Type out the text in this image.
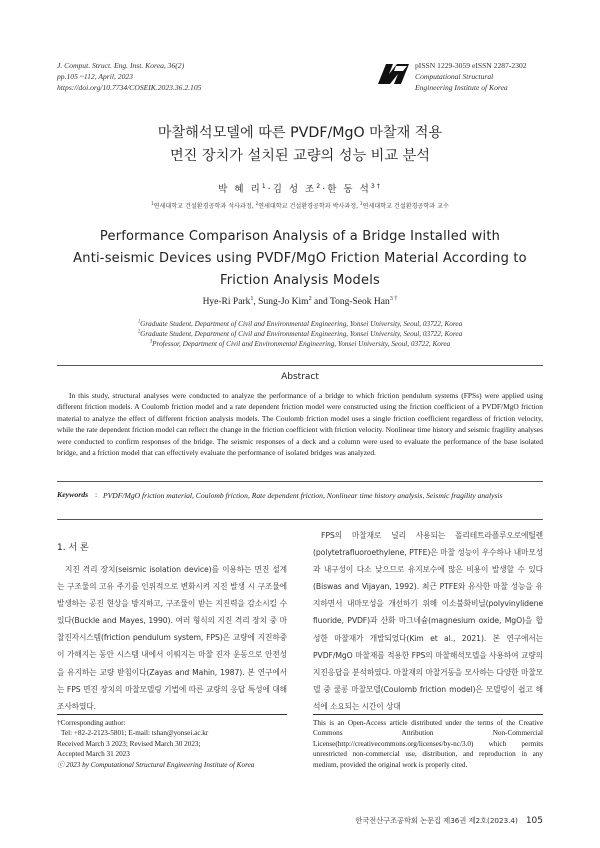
J. Comput. Struct. Eng. Inst. Korea, 36(2)
pp.105 ~112, April, 2023
https://doi.org/10.7734/COSEIK.2023.36.2.105
pISSN 1229-3059 eISSN 2287-2302
Computational Structural
Engineering Institute of Korea
마찰해석모델에 따른 PVDF/MgO 마찰재 적용
면진 장치가 설치된 교량의 성능 비교 분석
박 혜 리$^1$·김 성 조$^2$·한 동 석$^{3\dagger}$
$^1$연세대학교 건설환경공학과 석사과정, $^2$연세대학교 건설환경공학과 박사과정, $^3$연세대학교 건설환경공학과 교수
Performance Comparison Analysis of a Bridge Installed with
Anti-seismic Devices using PVDF/MgO Friction Material According to
Friction Analysis Models
Hye-Ri Park$^1$, Sung-Jo Kim$^2$ and Tong-Seok Han$^{3 \dagger}$
$^1$Graduate Student, Department of Civil and Environmental Engineering, Yonsei University, Seoul, 03722, Korea
$^2$Graduate Student, Department of Civil and Environmental Engineering, Yonsei University, Seoul, 03722, Korea
$^3$Professor, Department of Civil and Environmental Engineering, Yonsei University, Seoul, 03722, Korea
Abstract
In this study, structural analyses were conducted to analyze the performance of a bridge to which friction pendulum systems (FPSs) were applied using different friction models. A Coulomb friction model and a rate dependent friction model were constructed using the friction coefficient of a PVDF/MgO friction material to analyze the effect of different friction analysis models. The Coulomb friction model uses a single friction coefficient regardless of friction velocity, while the rate dependent friction model can reflect the change in the friction coefficient with friction velocity. Nonlinear time history and seismic fragility analyses were conducted to confirm responses of the bridge. The seismic responses of a deck and a column were used to evaluate the performance of the base isolated bridge, and a friction model that can effectively evaluate the performance of isolated bridges was analyzed.
Keywords : PVDF/MgO friction material, Coulomb friction, Rate dependent friction, Nonlinear time history analysis, Seismic fragility analysis
1. 서 론
지진 격리 장치(seismic isolation device)를 이용하는 면진 설계는 구조물의 고유 주기를 인위적으로 변화시켜 지진 발생 시 구조물에 발생하는 공진 현상을 방지하고, 구조물이 받는 지진력을 감소시킬 수 있다(Buckle and Mayes, 1990). 여러 형식의 지진 격리 장치 중 마찰진자시스템(friction pendulum system, FPS)은 교량에 지진하중이 가해지는 동안 시스템 내에서 이뤄지는 마찰 진자 운동으로 안전성을 유지하는 교량 받침이다(Zayas and Mahin, 1987). 본 연구에서는 FPS 면진 장치의 마찰모델링 기법에 따른 교량의 응답 특성에 대해 조사하였다.
FPS의 마찰재로 널리 사용되는 폴리테트라플루오로에틸렌(polytetrafluoroethylene, PTFE)은 마찰 성능이 우수하나 내마모성과 내구성이 다소 낮으므로 유지보수에 많은 비용이 발생할 수 있다(Biswas and Vijayan, 1992). 최근 PTFE와 유사한 마찰 성능을 유지하면서 내마모성을 개선하기 위해 이소불화비닐(polyvinylidene fluoride, PVDF)과 산화 마그네슘(magnesium oxide, MgO)을 합성한 마찰재가 개발되었다(Kim et al., 2021). 본 연구에서는 PVDF/MgO 마찰재를 적용한 FPS의 마찰해석모델을 사용하여 교량의 지진응답을 분석하였다. 마찰재의 마찰거동을 모사하는 다양한 마찰모델 중 쿨롱 마찰모델(Coulomb friction model)은 모델링이 쉽고 해석에 소요되는 시간이 상대
†Corresponding author:
Tel: +82-2-2123-5801; E-mail: tshan@yonsei.ac.kr
Received March 3 2023; Revised March 30 2023;
Accepted March 31 2023
ⓒ 2023 by Computational Structural Engineering Institute of Korea
This is an Open-Access article distributed under the terms of the Creative Commons Attribution Non-Commercial License(http://creativecommons.org/licenses/by-nc/3.0) which permits unrestricted non-commercial use, distribution, and reproduction in any medium, provided the original work is properly cited.
한국전산구조공학회 논문집 제36권 제2호(2023.4) 105
